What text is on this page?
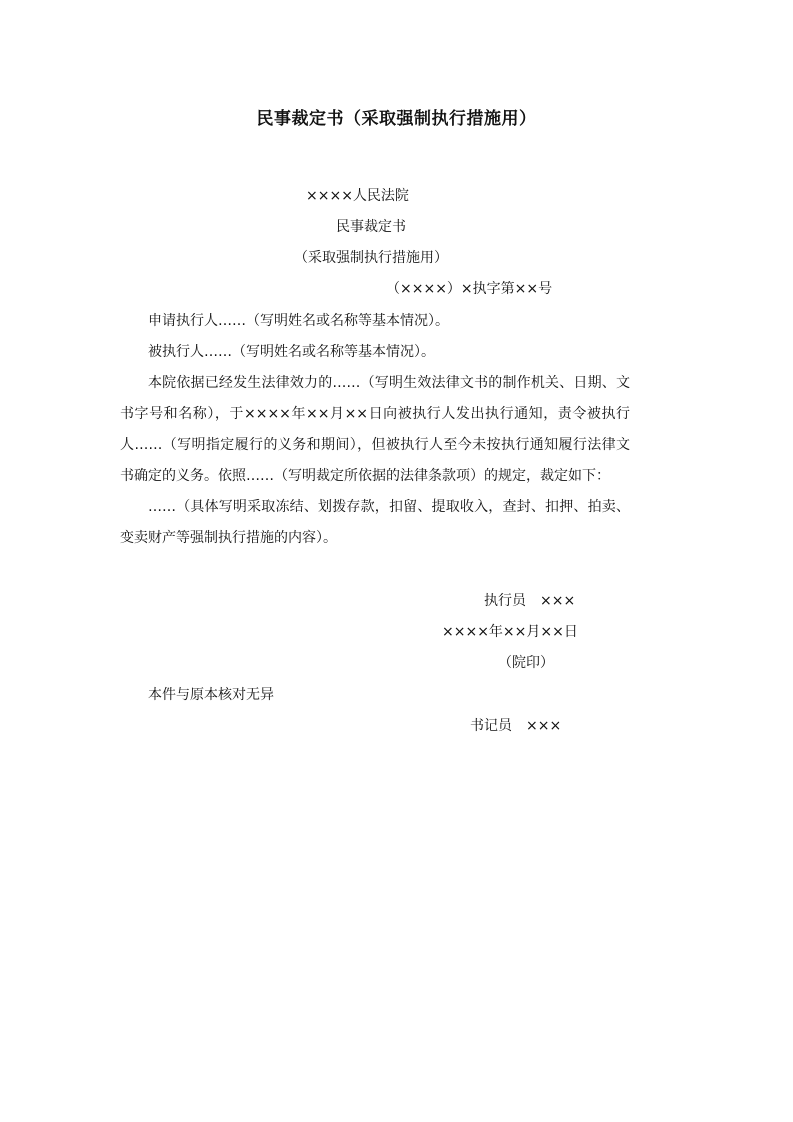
民事裁定书（采取强制执行措施用）
××××人民法院
民事裁定书
（采取强制执行措施用）
（××××）×执字第××号
申请执行人……（写明姓名或名称等基本情况）。
被执行人……（写明姓名或名称等基本情况）。
本院依据已经发生法律效力的……（写明生效法律文书的制作机关、日期、文书字号和名称），于××××年××月××日向被执行人发出执行通知，责令被执行人……（写明指定履行的义务和期间），但被执行人至今未按执行通知履行法律文书确定的义务。依照……（写明裁定所依据的法律条款项）的规定，裁定如下：
……（具体写明采取冻结、划拨存款，扣留、提取收入，查封、扣押、拍卖、变卖财产等强制执行措施的内容）。
执行员　×××
××××年××月××日
（院印）
本件与原本核对无异
书记员　×××
